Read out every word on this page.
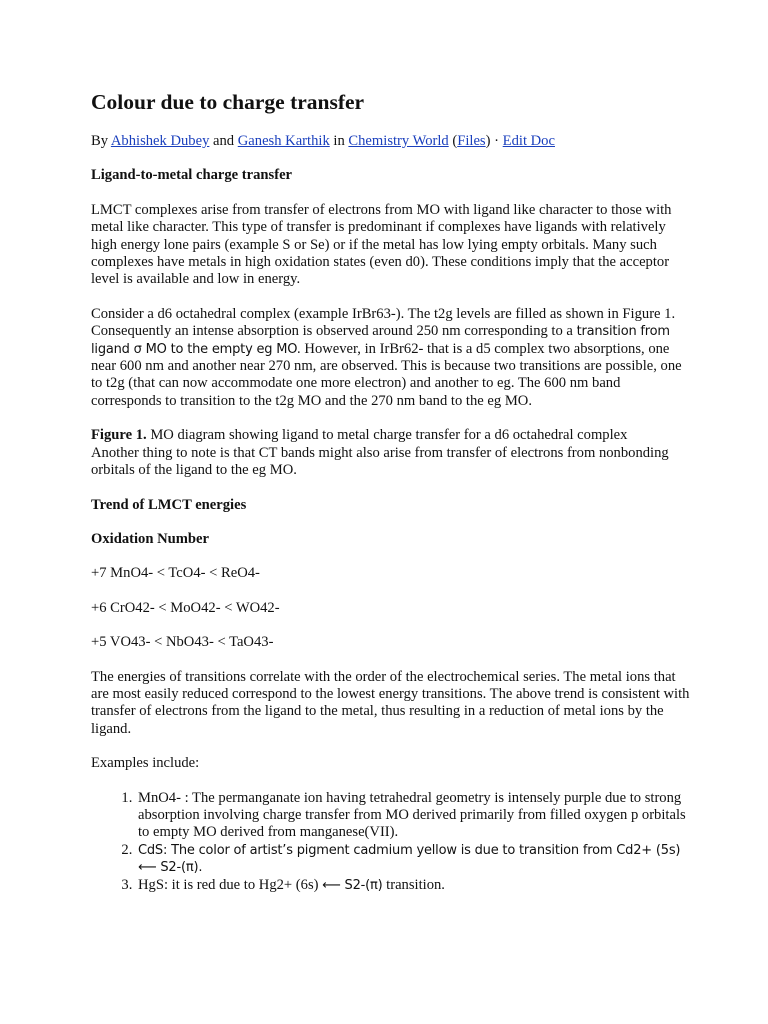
Colour due to charge transfer

By Abhishek Dubey and Ganesh Karthik in Chemistry World (Files) · Edit Doc

Ligand-to-metal charge transfer

LMCT complexes arise from transfer of electrons from MO with ligand like character to those with metal like character. This type of transfer is predominant if complexes have ligands with relatively high energy lone pairs (example S or Se) or if the metal has low lying empty orbitals. Many such complexes have metals in high oxidation states (even d0). These conditions imply that the acceptor level is available and low in energy.

Consider a d6 octahedral complex (example IrBr63-). The t2g levels are filled as shown in Figure 1. Consequently an intense absorption is observed around 250 nm corresponding to a transition from ligand σ MO to the empty eg MO. However, in IrBr62- that is a d5 complex two absorptions, one near 600 nm and another near 270 nm, are observed. This is because two transitions are possible, one to t2g (that can now accommodate one more electron) and another to eg. The 600 nm band corresponds to transition to the t2g MO and the 270 nm band to the eg MO.

Figure 1. MO diagram showing ligand to metal charge transfer for a d6 octahedral complex
Another thing to note is that CT bands might also arise from transfer of electrons from nonbonding orbitals of the ligand to the eg MO.

Trend of LMCT energies

Oxidation Number

+7 MnO4- < TcO4- < ReO4-

+6 CrO42- < MoO42- < WO42-

+5 VO43- < NbO43- < TaO43-

The energies of transitions correlate with the order of the electrochemical series. The metal ions that are most easily reduced correspond to the lowest energy transitions. The above trend is consistent with transfer of electrons from the ligand to the metal, thus resulting in a reduction of metal ions by the ligand.

Examples include:

1. MnO4- : The permanganate ion having tetrahedral geometry is intensely purple due to strong absorption involving charge transfer from MO derived primarily from filled oxygen p orbitals to empty MO derived from manganese(VII).
2. CdS: The color of artist’s pigment cadmium yellow is due to transition from Cd2+ (5s) ⟵ S2-(π).
3. HgS: it is red due to Hg2+ (6s) ⟵ S2-(π) transition.
